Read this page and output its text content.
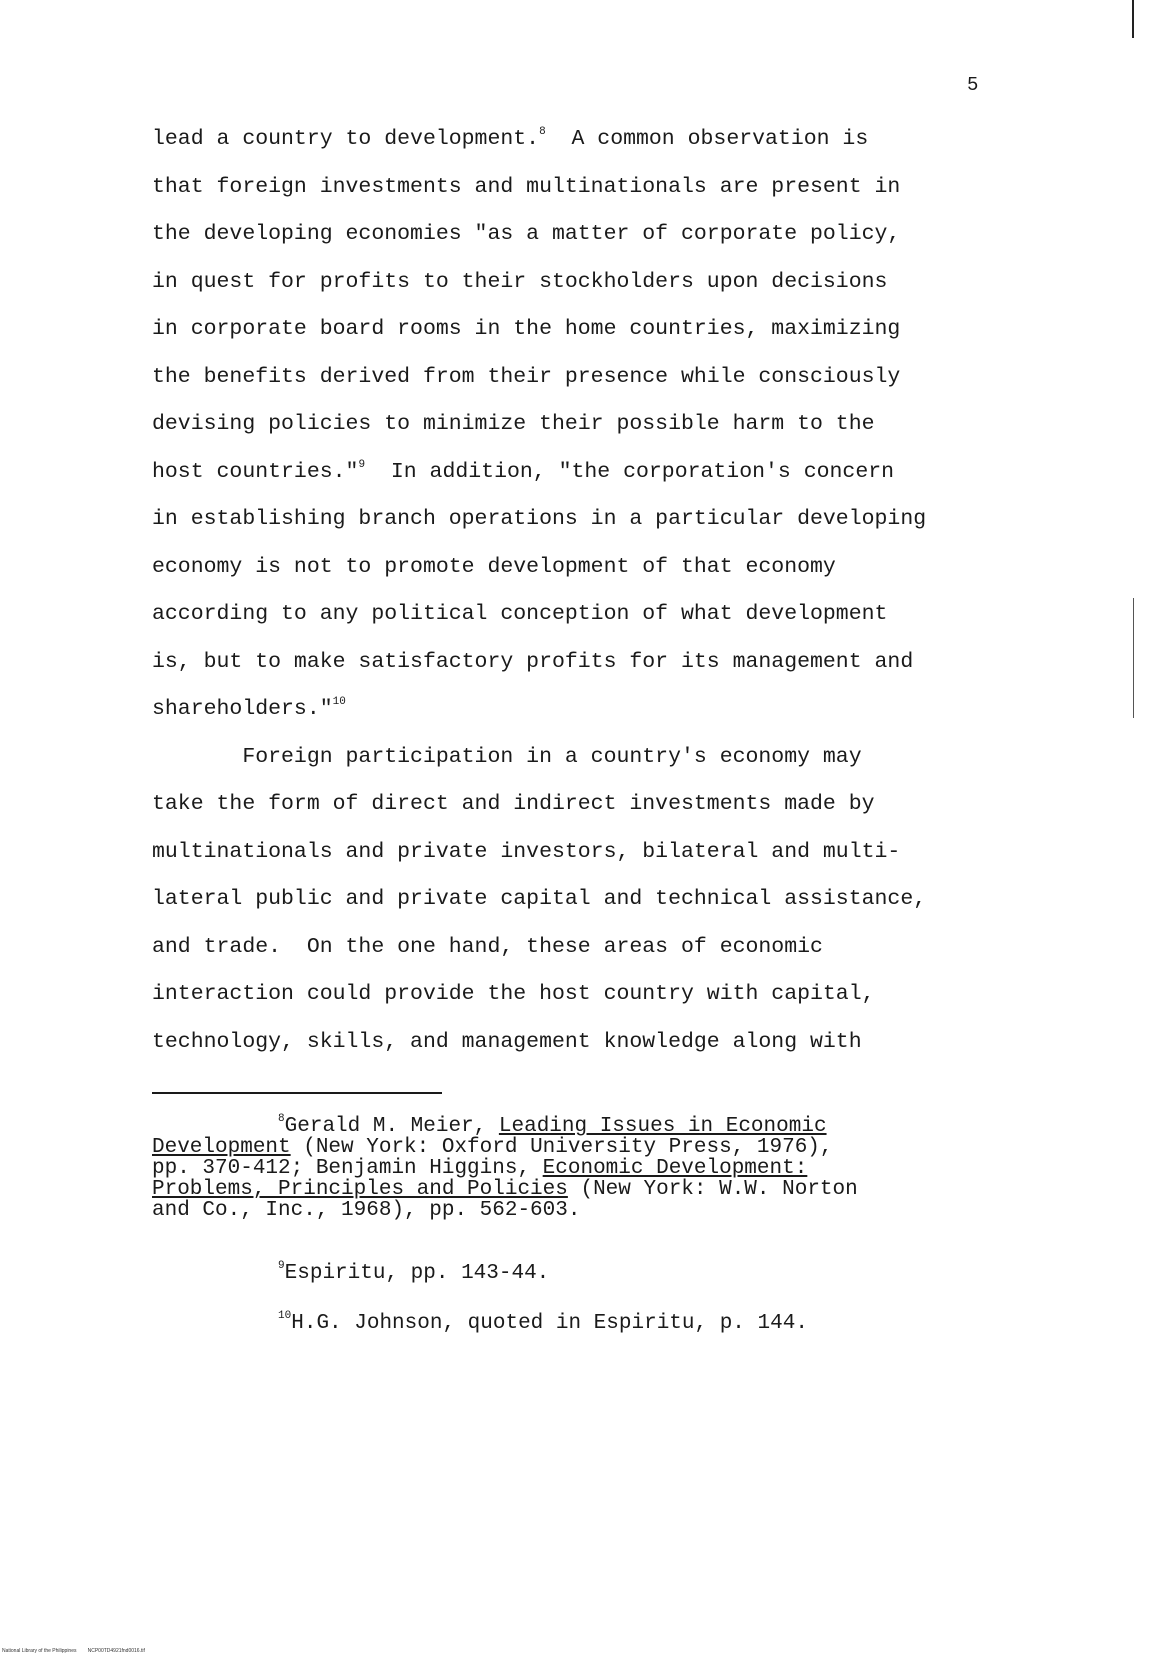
5
lead a country to development.$^8$  A common observation is
that foreign investments and multinationals are present in
the developing economies "as a matter of corporate policy,
in quest for profits to their stockholders upon decisions
in corporate board rooms in the home countries, maximizing
the benefits derived from their presence while consciously
devising policies to minimize their possible harm to the
host countries."$^9$  In addition, "the corporation's concern
in establishing branch operations in a particular developing
economy is not to promote development of that economy
according to any political conception of what development
is, but to make satisfactory profits for its management and
shareholders."$^{10}$
Foreign participation in a country's economy may
take the form of direct and indirect investments made by
multinationals and private investors, bilateral and multi-
lateral public and private capital and technical assistance,
and trade.  On the one hand, these areas of economic
interaction could provide the host country with capital,
technology, skills, and management knowledge along with
$^8$Gerald M. Meier, Leading Issues in Economic
Development (New York: Oxford University Press, 1976),
pp. 370-412; Benjamin Higgins, Economic Development:
Problems, Principles and Policies (New York: W.W. Norton
and Co., Inc., 1968), pp. 562-603.
$^9$Espiritu, pp. 143-44.
$^{10}$H.G. Johnson, quoted in Espiritu, p. 144.
National Library of the Philippines        NCP00TD4921fnd0016.tif
